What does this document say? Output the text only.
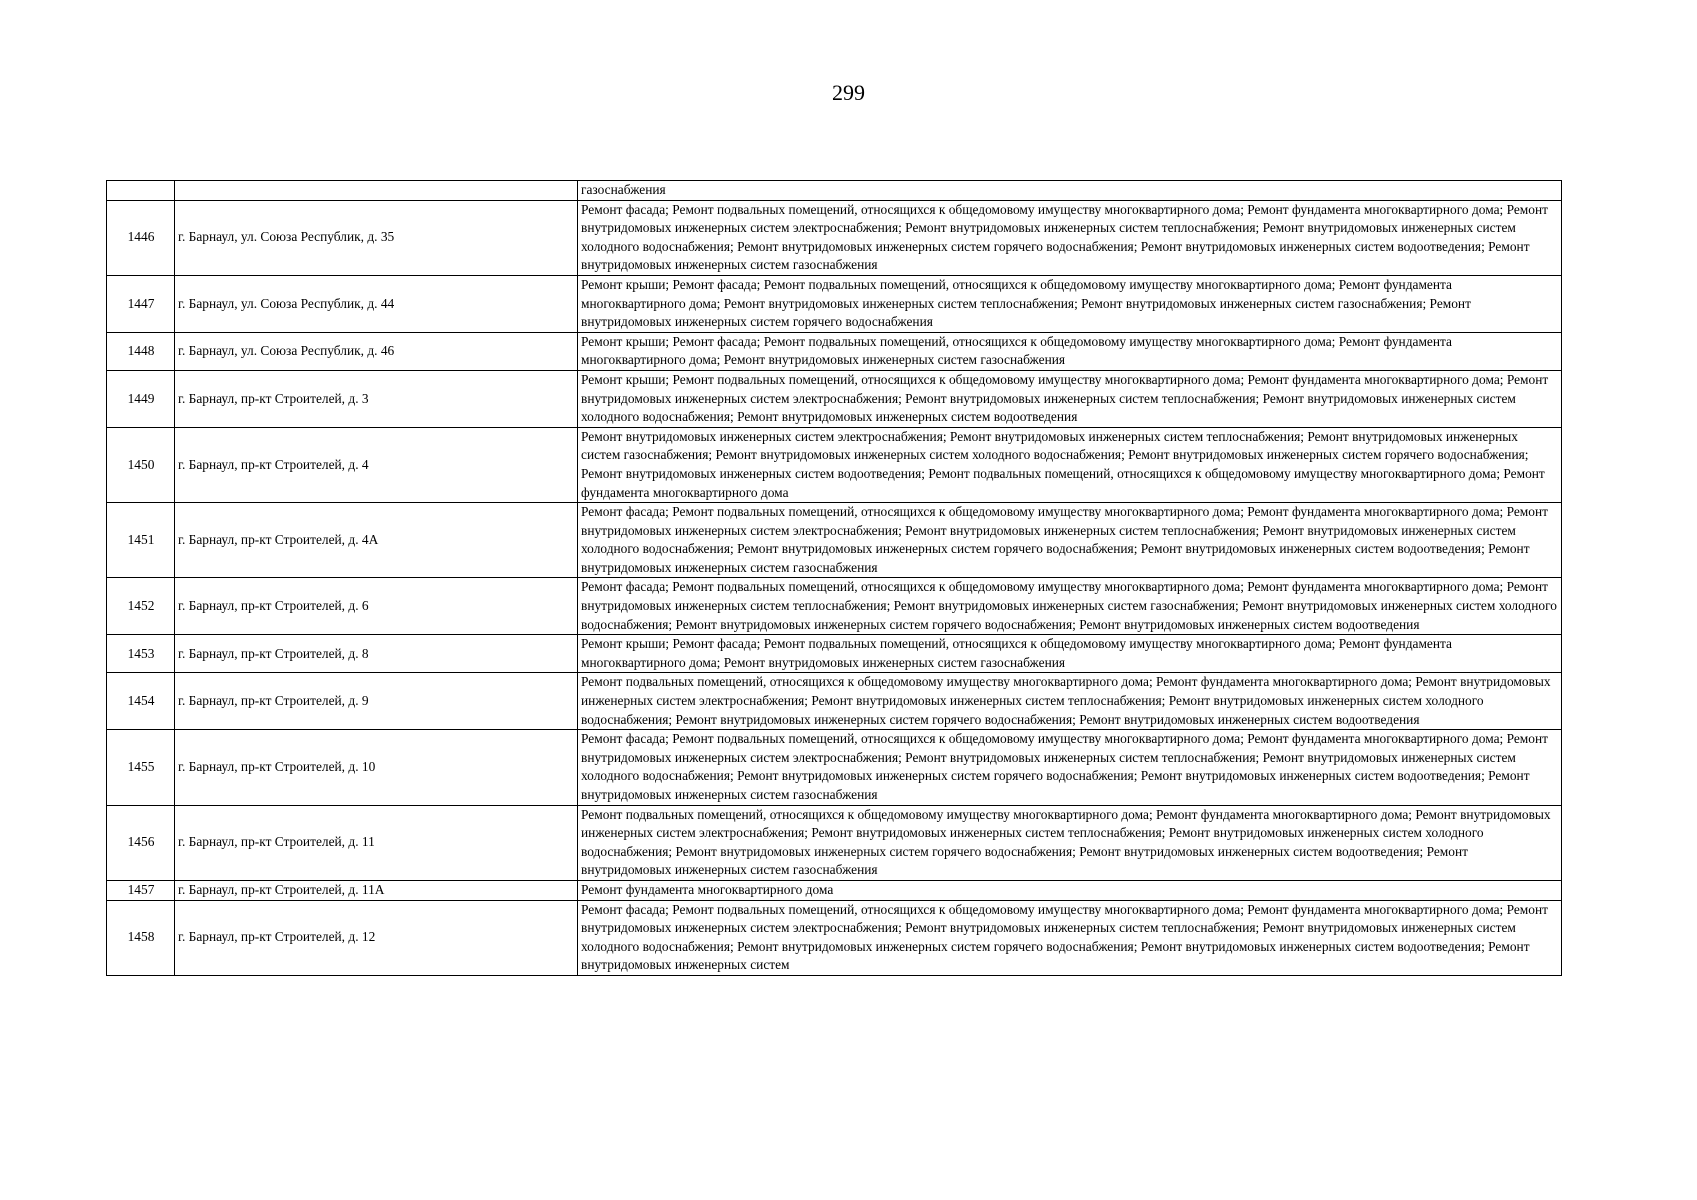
299
		газоснабжения
1446	г. Барнаул, ул. Союза Республик, д. 35	Ремонт фасада; Ремонт подвальных помещений, относящихся к общедомовому имуществу многоквартирного дома; Ремонт фундамента многоквартирного дома; Ремонт внутридомовых инженерных систем электроснабжения; Ремонт внутридомовых инженерных систем теплоснабжения; Ремонт внутридомовых инженерных систем холодного водоснабжения; Ремонт внутридомовых инженерных систем горячего водоснабжения; Ремонт внутридомовых инженерных систем водоотведения; Ремонт внутридомовых инженерных систем газоснабжения
1447	г. Барнаул, ул. Союза Республик, д. 44	Ремонт крыши; Ремонт фасада; Ремонт подвальных помещений, относящихся к общедомовому имуществу многоквартирного дома; Ремонт фундамента многоквартирного дома; Ремонт внутридомовых инженерных систем теплоснабжения; Ремонт внутридомовых инженерных систем газоснабжения; Ремонт внутридомовых инженерных систем горячего водоснабжения
1448	г. Барнаул, ул. Союза Республик, д. 46	Ремонт крыши; Ремонт фасада; Ремонт подвальных помещений, относящихся к общедомовому имуществу многоквартирного дома; Ремонт фундамента многоквартирного дома; Ремонт внутридомовых инженерных систем газоснабжения
1449	г. Барнаул, пр-кт Строителей, д. 3	Ремонт крыши; Ремонт подвальных помещений, относящихся к общедомовому имуществу многоквартирного дома; Ремонт фундамента многоквартирного дома; Ремонт внутридомовых инженерных систем электроснабжения; Ремонт внутридомовых инженерных систем теплоснабжения; Ремонт внутридомовых инженерных систем холодного водоснабжения; Ремонт внутридомовых инженерных систем водоотведения
1450	г. Барнаул, пр-кт Строителей, д. 4	Ремонт внутридомовых инженерных систем электроснабжения; Ремонт внутридомовых инженерных систем теплоснабжения; Ремонт внутридомовых инженерных систем газоснабжения; Ремонт внутридомовых инженерных систем холодного водоснабжения; Ремонт внутридомовых инженерных систем горячего водоснабжения; Ремонт внутридомовых инженерных систем водоотведения; Ремонт подвальных помещений, относящихся к общедомовому имуществу многоквартирного дома; Ремонт фундамента многоквартирного дома
1451	г. Барнаул, пр-кт Строителей, д. 4А	Ремонт фасада; Ремонт подвальных помещений, относящихся к общедомовому имуществу многоквартирного дома; Ремонт фундамента многоквартирного дома; Ремонт внутридомовых инженерных систем электроснабжения; Ремонт внутридомовых инженерных систем теплоснабжения; Ремонт внутридомовых инженерных систем холодного водоснабжения; Ремонт внутридомовых инженерных систем горячего водоснабжения; Ремонт внутридомовых инженерных систем водоотведения; Ремонт внутридомовых инженерных систем газоснабжения
1452	г. Барнаул, пр-кт Строителей, д. 6	Ремонт фасада; Ремонт подвальных помещений, относящихся к общедомовому имуществу многоквартирного дома; Ремонт фундамента многоквартирного дома; Ремонт внутридомовых инженерных систем теплоснабжения; Ремонт внутридомовых инженерных систем газоснабжения; Ремонт внутридомовых инженерных систем холодного водоснабжения; Ремонт внутридомовых инженерных систем горячего водоснабжения; Ремонт внутридомовых инженерных систем водоотведения
1453	г. Барнаул, пр-кт Строителей, д. 8	Ремонт крыши; Ремонт фасада; Ремонт подвальных помещений, относящихся к общедомовому имуществу многоквартирного дома; Ремонт фундамента многоквартирного дома; Ремонт внутридомовых инженерных систем газоснабжения
1454	г. Барнаул, пр-кт Строителей, д. 9	Ремонт подвальных помещений, относящихся к общедомовому имуществу многоквартирного дома; Ремонт фундамента многоквартирного дома; Ремонт внутридомовых инженерных систем электроснабжения; Ремонт внутридомовых инженерных систем теплоснабжения; Ремонт внутридомовых инженерных систем холодного водоснабжения; Ремонт внутридомовых инженерных систем горячего водоснабжения; Ремонт внутридомовых инженерных систем водоотведения
1455	г. Барнаул, пр-кт Строителей, д. 10	Ремонт фасада; Ремонт подвальных помещений, относящихся к общедомовому имуществу многоквартирного дома; Ремонт фундамента многоквартирного дома; Ремонт внутридомовых инженерных систем электроснабжения; Ремонт внутридомовых инженерных систем теплоснабжения; Ремонт внутридомовых инженерных систем холодного водоснабжения; Ремонт внутридомовых инженерных систем горячего водоснабжения; Ремонт внутридомовых инженерных систем водоотведения; Ремонт внутридомовых инженерных систем газоснабжения
1456	г. Барнаул, пр-кт Строителей, д. 11	Ремонт подвальных помещений, относящихся к общедомовому имуществу многоквартирного дома; Ремонт фундамента многоквартирного дома; Ремонт внутридомовых инженерных систем электроснабжения; Ремонт внутридомовых инженерных систем теплоснабжения; Ремонт внутридомовых инженерных систем холодного водоснабжения; Ремонт внутридомовых инженерных систем горячего водоснабжения; Ремонт внутридомовых инженерных систем водоотведения; Ремонт внутридомовых инженерных систем газоснабжения
1457	г. Барнаул, пр-кт Строителей, д. 11А	Ремонт фундамента многоквартирного дома
1458	г. Барнаул, пр-кт Строителей, д. 12	Ремонт фасада; Ремонт подвальных помещений, относящихся к общедомовому имуществу многоквартирного дома; Ремонт фундамента многоквартирного дома; Ремонт внутридомовых инженерных систем электроснабжения; Ремонт внутридомовых инженерных систем теплоснабжения; Ремонт внутридомовых инженерных систем холодного водоснабжения; Ремонт внутридомовых инженерных систем горячего водоснабжения; Ремонт внутридомовых инженерных систем водоотведения; Ремонт внутридомовых инженерных систем
